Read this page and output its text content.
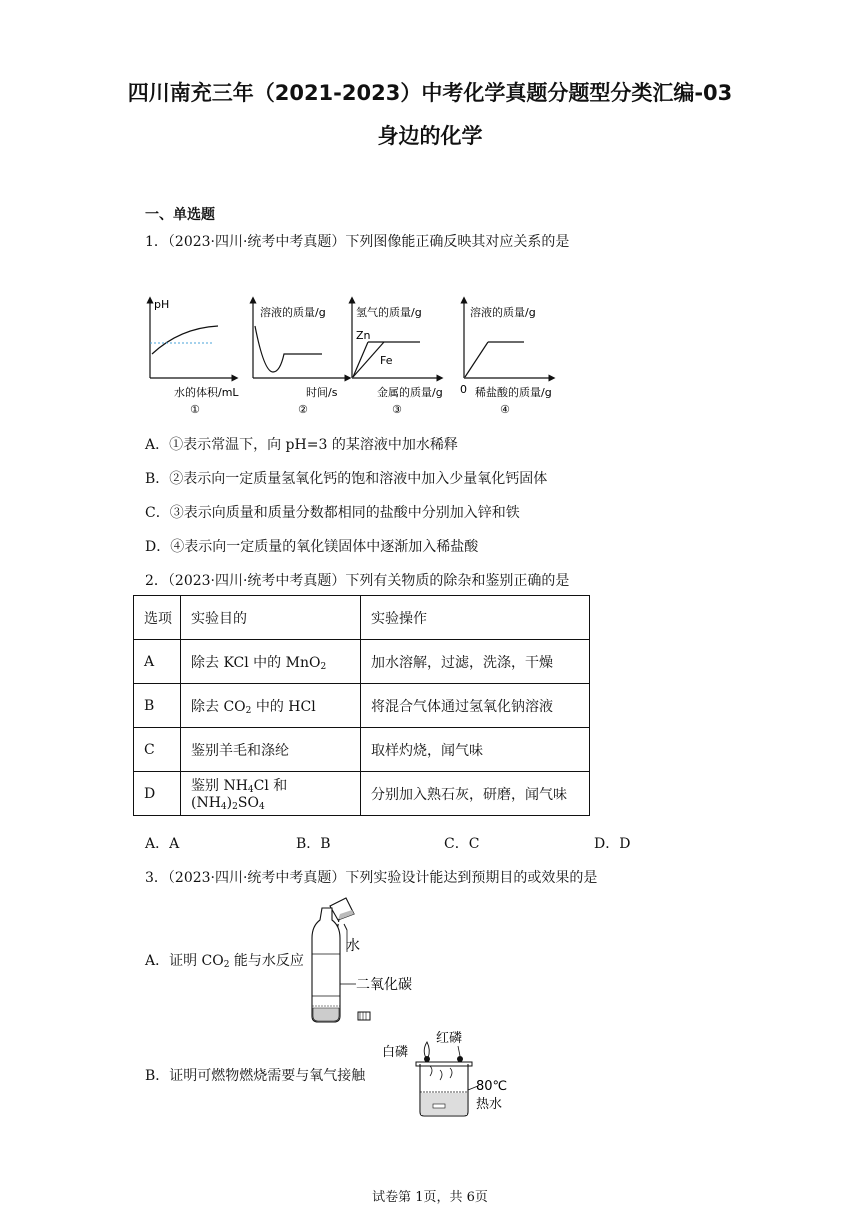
四川南充三年（2021-2023）中考化学真题分题型分类汇编-03
身边的化学
一、单选题
1．（2023·四川·统考中考真题）下列图像能正确反映其对应关系的是
pH
水的体积/mL
①
溶液的质量/g
时间/s
②
氢气的质量/g
Zn
Fe
金属的质量/g
③
溶液的质量/g
0 稀盐酸的质量/g
④
A．①表示常温下，向 pH=3 的某溶液中加水稀释
B．②表示向一定质量氢氧化钙的饱和溶液中加入少量氧化钙固体
C．③表示向质量和质量分数都相同的盐酸中分别加入锌和铁
D．④表示向一定质量的氧化镁固体中逐渐加入稀盐酸
2．（2023·四川·统考中考真题）下列有关物质的除杂和鉴别正确的是
选项	实验目的	实验操作
A	除去 KCl 中的 MnO$_2$	加水溶解，过滤，洗涤，干燥
B	除去 $CO_2$ 中的 HCl	将混合气体通过氢氧化钠溶液
C	鉴别羊毛和涤纶	取样灼烧，闻气味
D	鉴别 $NH_4Cl$ 和$(NH_4)_2SO_4$	分别加入熟石灰，研磨，闻气味
A．A	B．B	C．C	D．D
3．（2023·四川·统考中考真题）下列实验设计能达到预期目的或效果的是
A．证明 $CO_2$ 能与水反应
水
二氧化碳
B．证明可燃物燃烧需要与氧气接触
白磷
红磷
80℃
热水
试卷第 1页，共 6页
